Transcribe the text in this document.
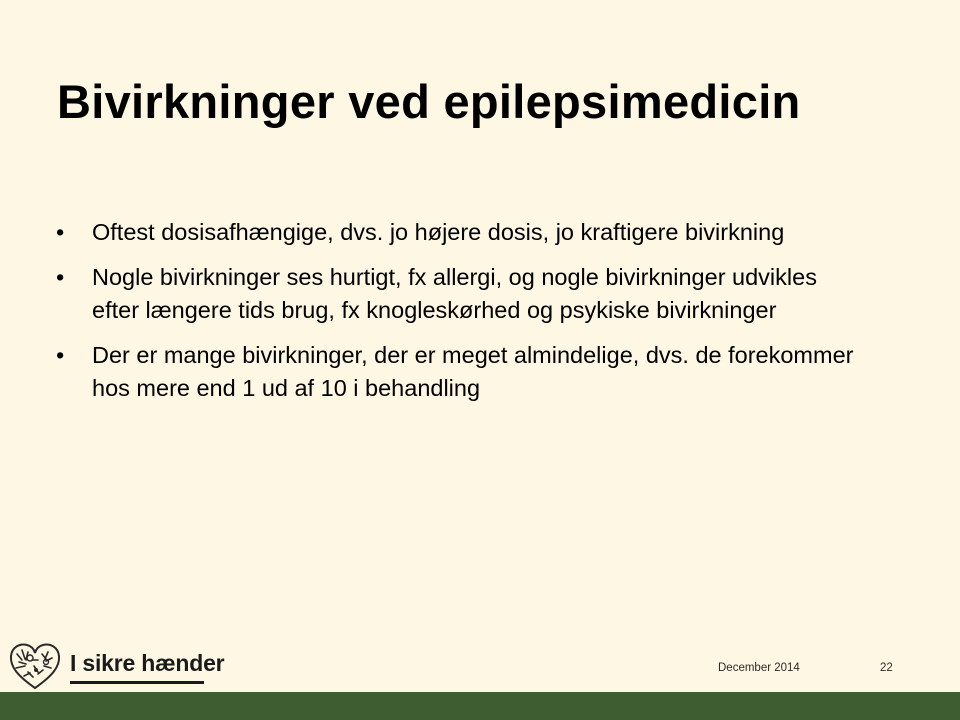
Bivirkninger ved epilepsimedicin
• Oftest dosisafhængige, dvs. jo højere dosis, jo kraftigere bivirkning
• Nogle bivirkninger ses hurtigt, fx allergi, og nogle bivirkninger udvikles efter længere tids brug, fx knogleskørhed og psykiske bivirkninger
• Der er mange bivirkninger, der er meget almindelige, dvs. de forekommer hos mere end 1 ud af 10 i behandling
I sikre hænder	December 2014	22
